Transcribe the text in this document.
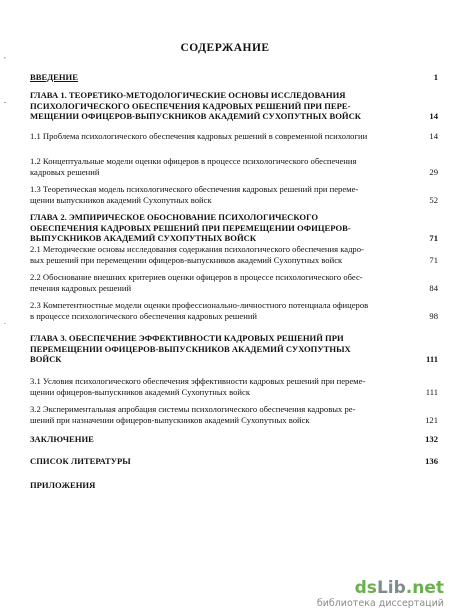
,
-
.
СОДЕРЖАНИЕ
ВВЕДЕНИЕ	1
ГЛАВА 1. ТЕОРЕТИКО-МЕТОДОЛОГИЧЕСКИЕ ОСНОВЫ ИССЛЕДОВАНИЯ
ПСИХОЛОГИЧЕСКОГО ОБЕСПЕЧЕНИЯ КАДРОВЫХ РЕШЕНИЙ ПРИ ПЕРЕ-
МЕЩЕНИИ ОФИЦЕРОВ-ВЫПУСКНИКОВ АКАДЕМИЙ СУХОПУТНЫХ ВОЙСК	14
1.1 Проблема психологического обеспечения кадровых решений в современной психологии	14
1.2 Концептуальные модели оценки офицеров в процессе психологического обеспечения
кадровых решений	29
1.3 Теоретическая модель психологического обеспечения кадровых решений при переме-
щении выпускников академий Сухопутных войск	52
ГЛАВА 2. ЭМПИРИЧЕСКОЕ ОБОСНОВАНИЕ ПСИХОЛОГИЧЕСКОГО
ОБЕСПЕЧЕНИЯ КАДРОВЫХ РЕШЕНИЙ ПРИ ПЕРЕМЕЩЕНИИ ОФИЦЕРОВ-
ВЫПУСКНИКОВ АКАДЕМИЙ СУХОПУТНЫХ ВОЙСК	71
2.1 Методические основы исследования содержания психологического обеспечения кадро-
вых решений при перемещении офицеров-выпускников академий Сухопутных войск	71
2.2 Обоснование внешних критериев оценки офицеров в процессе психологического обес-
печения кадровых решений	84
2.3 Компетентностные модели оценки профессионально-личностного потенциала офицеров
в процессе психологического обеспечения кадровых решений	98
ГЛАВА 3. ОБЕСПЕЧЕНИЕ ЭФФЕКТИВНОСТИ КАДРОВЫХ РЕШЕНИЙ ПРИ
ПЕРЕМЕЩЕНИИ ОФИЦЕРОВ-ВЫПУСКНИКОВ АКАДЕМИЙ СУХОПУТНЫХ
ВОЙСК	111
3.1 Условия психологического обеспечения эффективности кадровых решений при переме-
щении офицеров-выпускников академий Сухопутных войск	111
3.2 Экспериментальная апробация системы психологического обеспечения кадровых ре-
шений при назначении офицеров-выпускников академий Сухопутных войск	121
ЗАКЛЮЧЕНИЕ	132
СПИСОК ЛИТЕРАТУРЫ	136
ПРИЛОЖЕНИЯ
dsLib.net
библиотека диссертаций
